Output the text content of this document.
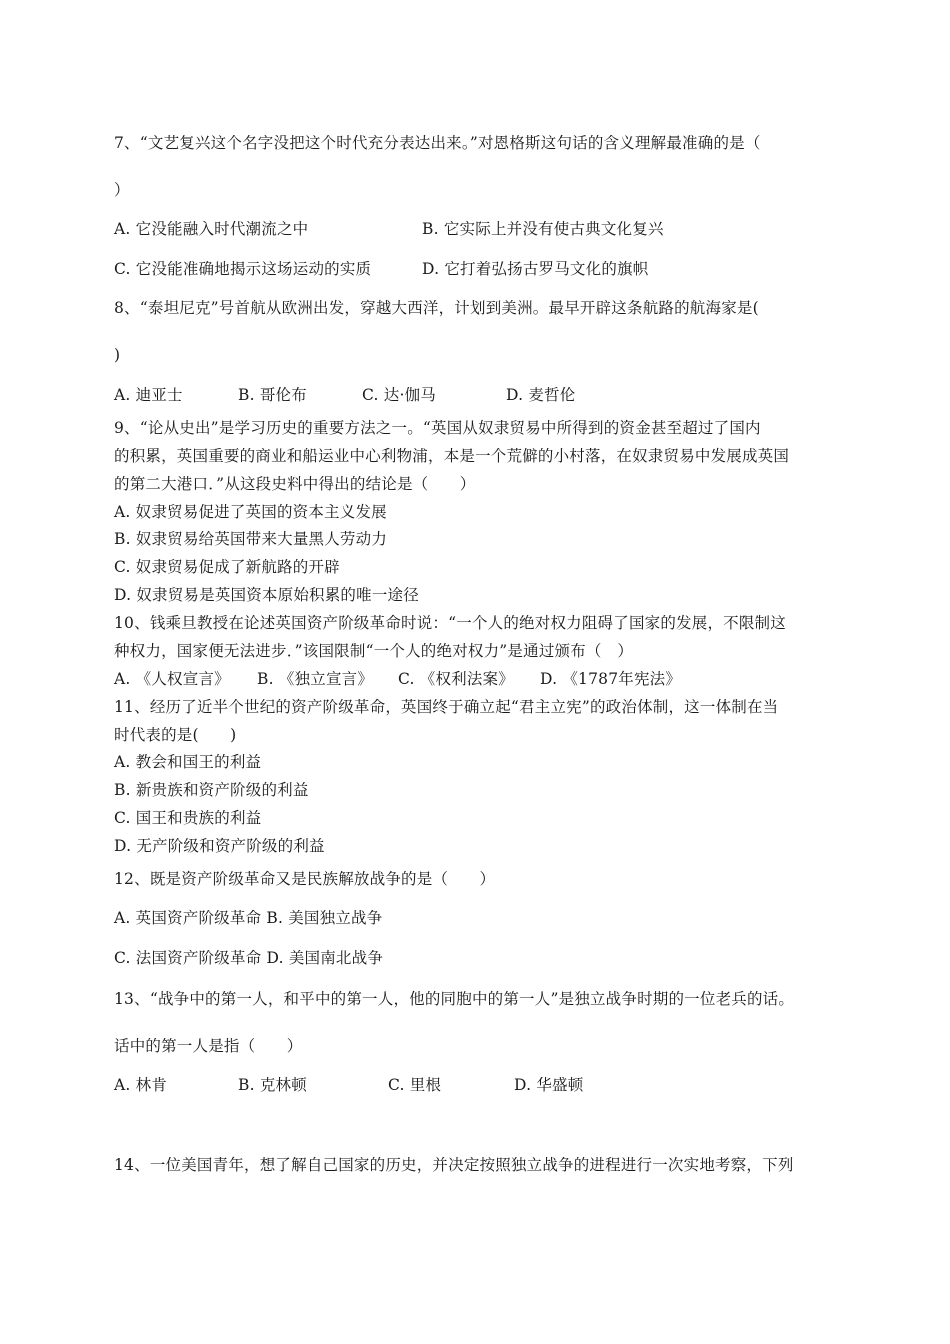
7、“文艺复兴这个名字没把这个时代充分表达出来。”对恩格斯这句话的含义理解最准确的是（
）
A. 它没能融入时代潮流之中	B. 它实际上并没有使古典文化复兴
C. 它没能准确地揭示这场运动的实质	D. 它打着弘扬古罗马文化的旗帜
8、“泰坦尼克”号首航从欧洲出发，穿越大西洋，计划到美洲。最早开辟这条航路的航海家是(
)
A. 迪亚士	B. 哥伦布	C. 达·伽马	D. 麦哲伦
9、“论从史出”是学习历史的重要方法之一。“英国从奴隶贸易中所得到的资金甚至超过了国内
的积累，英国重要的商业和船运业中心利物浦，本是一个荒僻的小村落，在奴隶贸易中发展成英国
的第二大港口．”从这段史料中得出的结论是（　　）
A. 奴隶贸易促进了英国的资本主义发展
B. 奴隶贸易给英国带来大量黑人劳动力
C. 奴隶贸易促成了新航路的开辟
D. 奴隶贸易是英国资本原始积累的唯一途径
10、钱乘旦教授在论述英国资产阶级革命时说：“一个人的绝对权力阻碍了国家的发展，不限制这
种权力，国家便无法进步．”该国限制“一个人的绝对权力”是通过颁布（　）
A. 《人权宣言》 B. 《独立宣言》 C. 《权利法案》 D. 《1787年宪法》
11、经历了近半个世纪的资产阶级革命，英国终于确立起“君主立宪”的政治体制，这一体制在当
时代表的是(　　)
A. 教会和国王的利益
B. 新贵族和资产阶级的利益
C. 国王和贵族的利益
D. 无产阶级和资产阶级的利益
12、既是资产阶级革命又是民族解放战争的是（　　）
A. 英国资产阶级革命 B. 美国独立战争
C. 法国资产阶级革命 D. 美国南北战争
13、“战争中的第一人，和平中的第一人，他的同胞中的第一人”是独立战争时期的一位老兵的话。
话中的第一人是指（　　）
A. 林肯	B. 克林顿	C. 里根	D. 华盛顿
14、一位美国青年，想了解自己国家的历史，并决定按照独立战争的进程进行一次实地考察，下列
